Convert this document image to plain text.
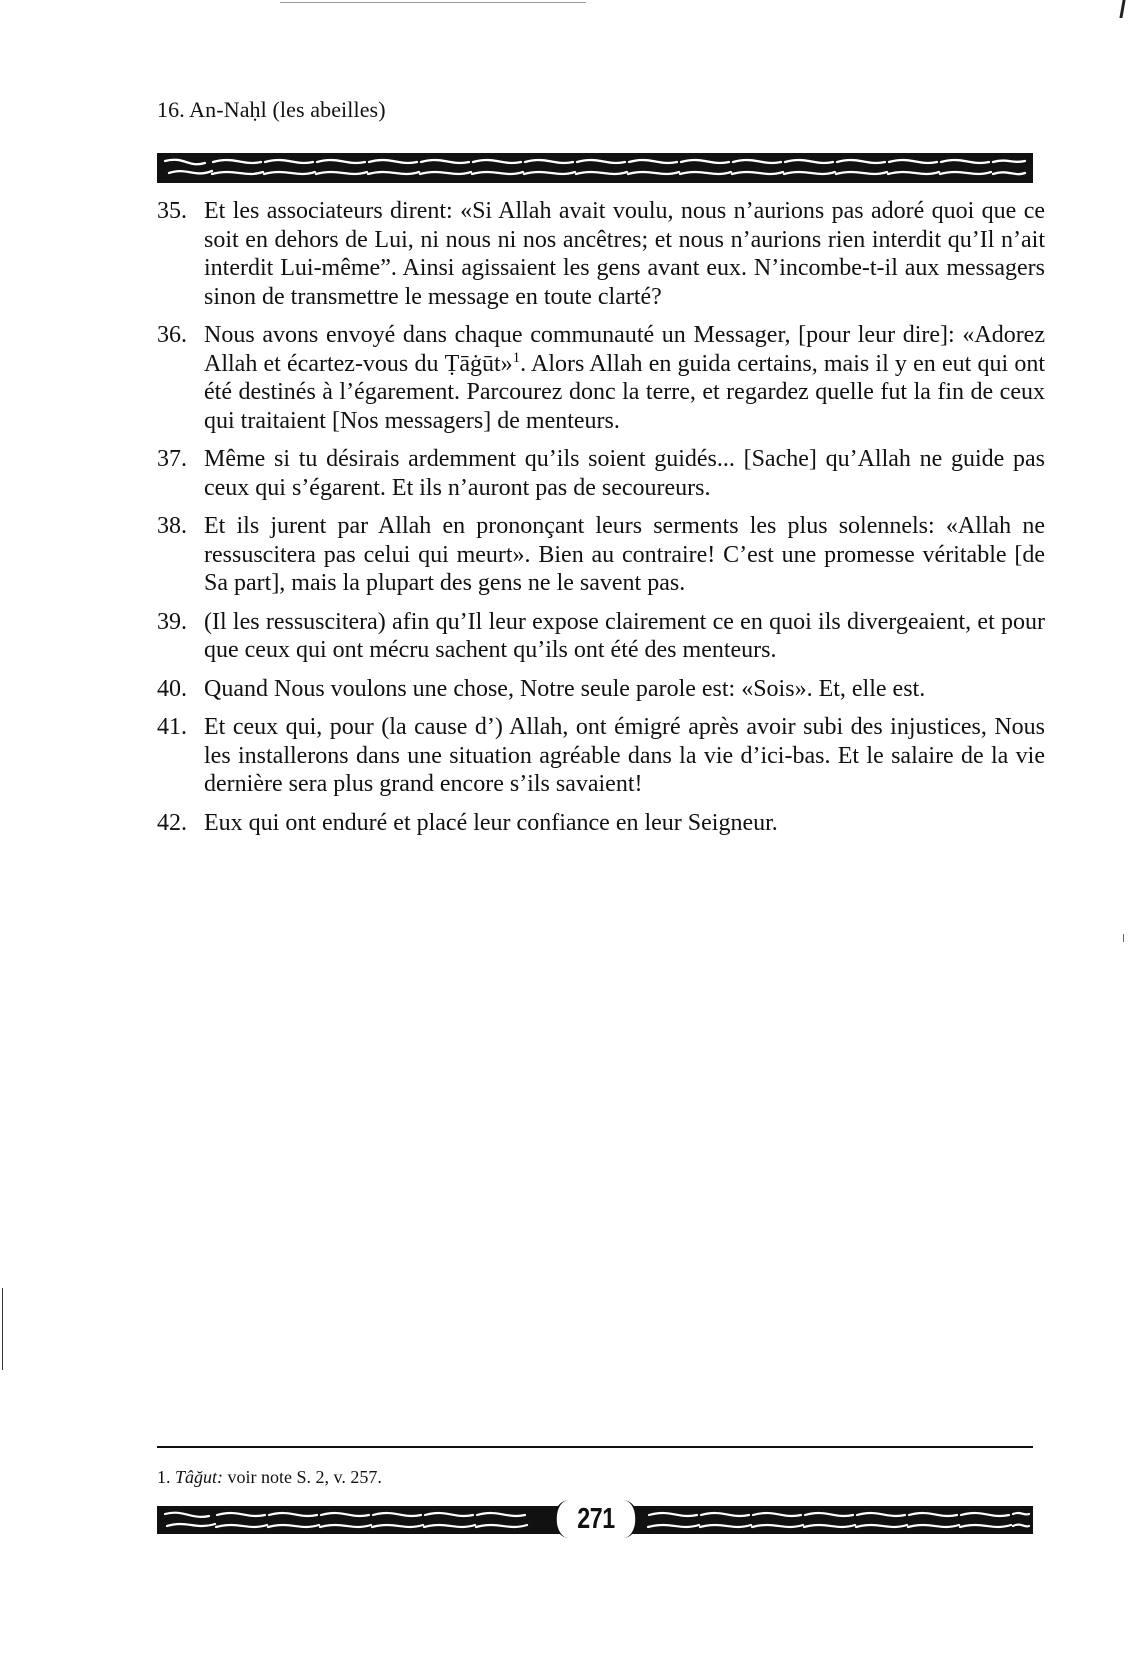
16. An-Naḥl (les abeilles)
35. Et les associateurs dirent: «Si Allah avait voulu, nous n’aurions pas adoré quoi que ce soit en dehors de Lui, ni nous ni nos ancêtres; et nous n’aurions rien interdit qu’Il n’ait interdit Lui-même”. Ainsi agissaient les gens avant eux. N’incombe-t-il aux messagers sinon de transmettre le message en toute clarté?
36. Nous avons envoyé dans chaque communauté un Messager, [pour leur dire]: «Adorez Allah et écartez-vous du Ṭāġūt»$^1$. Alors Allah en guida certains, mais il y en eut qui ont été destinés à l’égarement. Parcourez donc la terre, et regardez quelle fut la fin de ceux qui traitaient [Nos messagers] de menteurs.
37. Même si tu désirais ardemment qu’ils soient guidés... [Sache] qu’Allah ne guide pas ceux qui s’égarent. Et ils n’auront pas de secoureurs.
38. Et ils jurent par Allah en prononçant leurs serments les plus solennels: «Allah ne ressuscitera pas celui qui meurt». Bien au contraire! C’est une promesse véritable [de Sa part], mais la plupart des gens ne le savent pas.
39. (Il les ressuscitera) afin qu’Il leur expose clairement ce en quoi ils divergeaient, et pour que ceux qui ont mécru sachent qu’ils ont été des menteurs.
40. Quand Nous voulons une chose, Notre seule parole est: «Sois». Et, elle est.
41. Et ceux qui, pour (la cause d’) Allah, ont émigré après avoir subi des injustices, Nous les installerons dans une situation agréable dans la vie d’ici-bas. Et le salaire de la vie dernière sera plus grand encore s’ils savaient!
42. Eux qui ont enduré et placé leur confiance en leur Seigneur.
1. Tâğut: voir note S. 2, v. 257.
271
